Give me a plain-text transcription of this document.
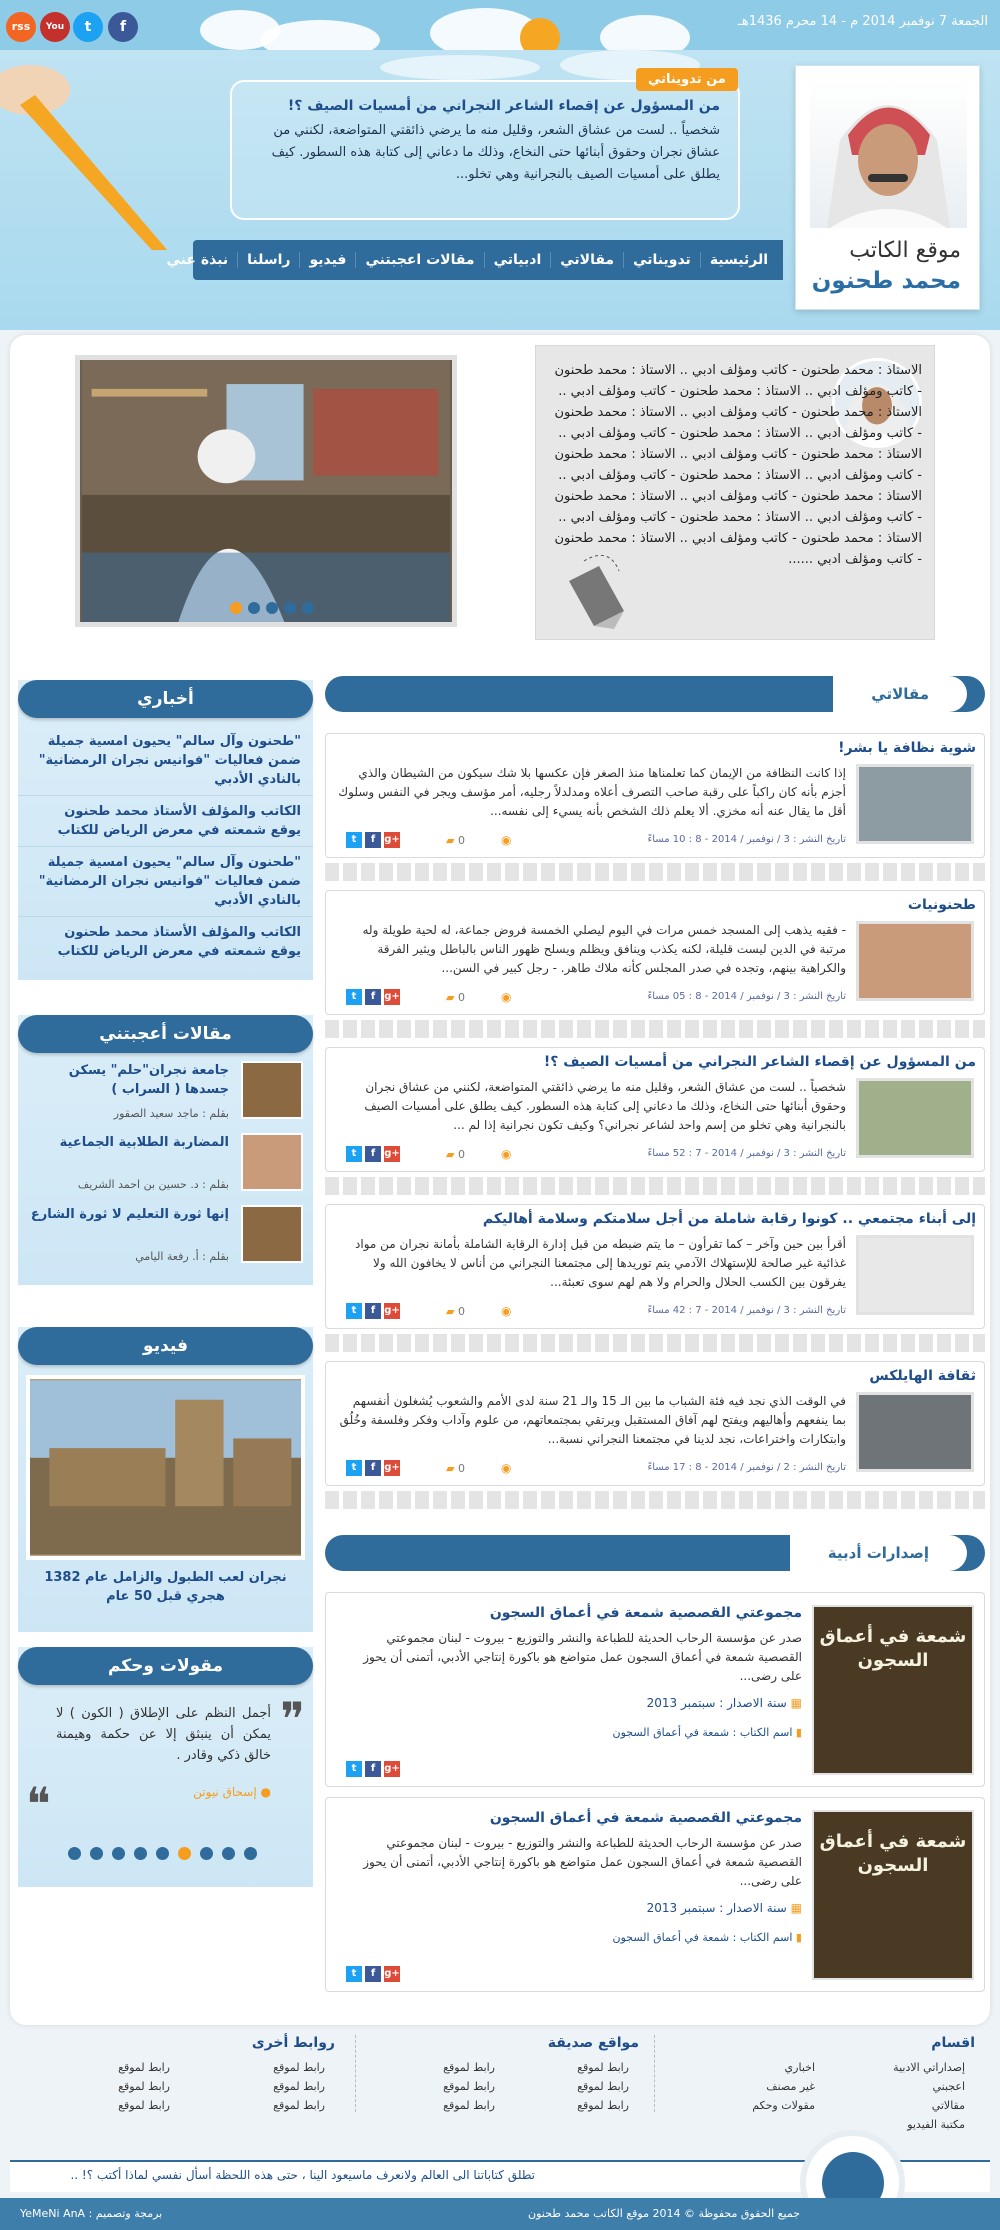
الجمعة 7 نوفمبر 2014 م - 14 محرم 1436هـ
f
t
You
rss
موقع الكاتب
محمد طحنون
من المسؤول عن إقصاء الشاعر النجراني من أمسيات الصيف ؟!
شخصياً .. لست من عشاق الشعر، وقليل منه ما يرضي ذائقتي المتواضعة، لكنني من عشاق نجران وحقوق أبنائها حتى النخاع، وذلك ما دعاني إلى كتابة هذه السطور. كيف يطلق على أمسيات الصيف بالنجرانية وهي تخلو...
من تدويناتي
الرئيسية
تدويناتي
مقالاتي
ادبياتي
مقالات اعجبتني
فيديو
راسلنا
نبذة عني
الاستاذ : محمد طحنون - كاتب ومؤلف ادبي .. الاستاذ : محمد طحنون - كاتب ومؤلف ادبي .. الاستاذ : محمد طحنون - كاتب ومؤلف ادبي .. الاستاذ : محمد طحنون - كاتب ومؤلف ادبي .. الاستاذ : محمد طحنون - كاتب ومؤلف ادبي .. الاستاذ : محمد طحنون - كاتب ومؤلف ادبي .. الاستاذ : محمد طحنون - كاتب ومؤلف ادبي .. الاستاذ : محمد طحنون - كاتب ومؤلف ادبي .. الاستاذ : محمد طحنون - كاتب ومؤلف ادبي .. الاستاذ : محمد طحنون - كاتب ومؤلف ادبي .. الاستاذ : محمد طحنون - كاتب ومؤلف ادبي .. الاستاذ : محمد طحنون - كاتب ومؤلف ادبي .. الاستاذ : محمد طحنون - كاتب ومؤلف ادبي .. الاستاذ : محمد طحنون - كاتب ومؤلف ادبي ......
أخباري
"طحنون وآل سالم" يحيون امسية جميلة ضمن فعاليات "فوانيس نجران الرمضانية" بالنادي الأدبي
الكاتب والمؤلف الأستاذ محمد طحنون يوقع شمعته في معرض الرياض للكتاب
"طحنون وآل سالم" يحيون امسية جميلة ضمن فعاليات "فوانيس نجران الرمضانية" بالنادي الأدبي
الكاتب والمؤلف الأستاذ محمد طحنون يوقع شمعته في معرض الرياض للكتاب
مقالات أعجبتني
جامعة نجران"حلم" يسكن جسدها ( السراب )
بقلم : ماجد سعيد الصقور
المضاربة الطلابية الجماعية
بقلم : د. حسين بن احمد الشريف
إنها ثورة التعليم لا ثورة الشارع
بقلم : أ. رفعة اليامي
فيديو
نجران لعب الطبول والزامل عام 1382 هجري قبل 50 عام
مقولات وحكم
❞
❝
أجمل النظم على الإطلاق ( الكون ) لا يمكن أن ينبثق إلا عن حكمة وهيمنة خالق ذكي وقادر .
● إسحاق نيوتن
مقالاتي
شوية نظافة يا بشر!
إذا كانت النظافة من الإيمان كما تعلمناها منذ الصغر فإن عكسها بلا شك سيكون من الشيطان والذي أجزم بأنه كان راكباً على رقبة صاحب التصرف أعلاه ومدلدلاً رجليه، أمر مؤسف ويجر في النفس وسلوك أقل ما يقال عنه أنه مخزي. ألا يعلم ذلك الشخص بأنه يسيء إلى نفسه...
تاريخ النشر : 3 / نوفمبر / 2014 - 8 : 10 مساءً
▰ 0	◉
t	f g+
طحنونيات
- فقيه يذهب إلى المسجد خمس مرات في اليوم ليصلي الخمسة فروض جماعة، له لحية طويلة وله مرتبة في الدين ليست قليلة، لكنه يكذب وينافق ويظلم ويسلح ظهور الناس بالباطل ويثير الفرقة والكراهية بينهم، وتجده في صدر المجلس كأنه ملاك طاهر. - رجل كبير في السن...
تاريخ النشر : 3 / نوفمبر / 2014 - 8 : 05 مساءً
▰ 0	◉
t	f g+
من المسؤول عن إقصاء الشاعر النجراني من أمسيات الصيف ؟!
شخصياً .. لست من عشاق الشعر، وقليل منه ما يرضي ذائقتي المتواضعة، لكنني من عشاق نجران وحقوق أبنائها حتى النخاع، وذلك ما دعاني إلى كتابة هذه السطور. كيف يطلق على أمسيات الصيف بالنجرانية وهي تخلو من إسم واحد لشاعر نجراني؟ وكيف تكون نجرانية إذا لم ...
تاريخ النشر : 3 / نوفمبر / 2014 - 7 : 52 مساءً
▰ 0	◉
t	f g+
إلى أبناء مجتمعي .. كونوا رقابة شاملة من أجل سلامتكم وسلامة أهاليكم
أقرأ بين حين وآخر – كما تقرأون – ما يتم ضبطه من قبل إدارة الرقابة الشاملة بأمانة نجران من مواد غذائية غير صالحة للإستهلاك الآدمي يتم توريدها إلى مجتمعنا النجراني من أناس لا يخافون الله ولا يفرقون بين الكسب الحلال والحرام ولا هم لهم سوى تعبئة...
تاريخ النشر : 3 / نوفمبر / 2014 - 7 : 42 مساءً
▰ 0	◉
t	f g+
ثقافة الهايلكس
في الوقت الذي نجد فيه فئة الشباب ما بين الـ 15 والـ 21 سنة لدى الأمم والشعوب يُشغلون أنفسهم بما ينفعهم وأهاليهم ويفتح لهم آفاق المستقبل ويرتقي بمجتمعاتهم، من علوم وآداب وفكر وفلسفة وخُلُق وابتكارات واختراعات، نجد لدينا في مجتمعنا النجراني نسبة...
تاريخ النشر : 2 / نوفمبر / 2014 - 8 : 17 مساءً
▰ 0	◉
t	f g+
إصدارات أدبية
شمعة في أعماق السجون
مجموعتي القصصية شمعة في أعماق السجون
صدر عن مؤسسة الرحاب الحديثة للطباعة والنشر والتوزيع - بيروت - لبنان مجموعتي القصصية شمعة في أعماق السجون عمل متواضع هو باكورة إنتاجي الأدبي، أتمنى أن يحوز على رضى...
▦ سنة الاصدار : سبتمبر 2013
▮ اسم الكتاب : شمعة في أعماق السجون
t	f g+
شمعة في أعماق السجون
مجموعتي القصصية شمعة في أعماق السجون
صدر عن مؤسسة الرحاب الحديثة للطباعة والنشر والتوزيع - بيروت - لبنان مجموعتي القصصية شمعة في أعماق السجون عمل متواضع هو باكورة إنتاجي الأدبي، أتمنى أن يحوز على رضى...
▦ سنة الاصدار : سبتمبر 2013
▮ اسم الكتاب : شمعة في أعماق السجون
t	f g+
اقسام
إصداراتي الادبية
اخباري
اعجبني
غير مصنف
مقالاتي
مقولات وحكم
مكتبة الفيديو
مواقع صديقة
رابط لموقع
رابط لموقع
رابط لموقع
رابط لموقع
رابط لموقع
رابط لموقع
روابط أخرى
رابط لموقع
رابط لموقع
رابط لموقع
رابط لموقع
رابط لموقع
رابط لموقع
تطلق كتاباتنا الى العالم ولانعرف ماسيعود الينا ، حتى هذه اللحظة أسأل نفسي لماذا أكتب ؟! ..
جميع الحقوق محفوظة © 2014 موقع الكاتب محمد طحنون
برمجة وتصميم : YeMeNi AnA
